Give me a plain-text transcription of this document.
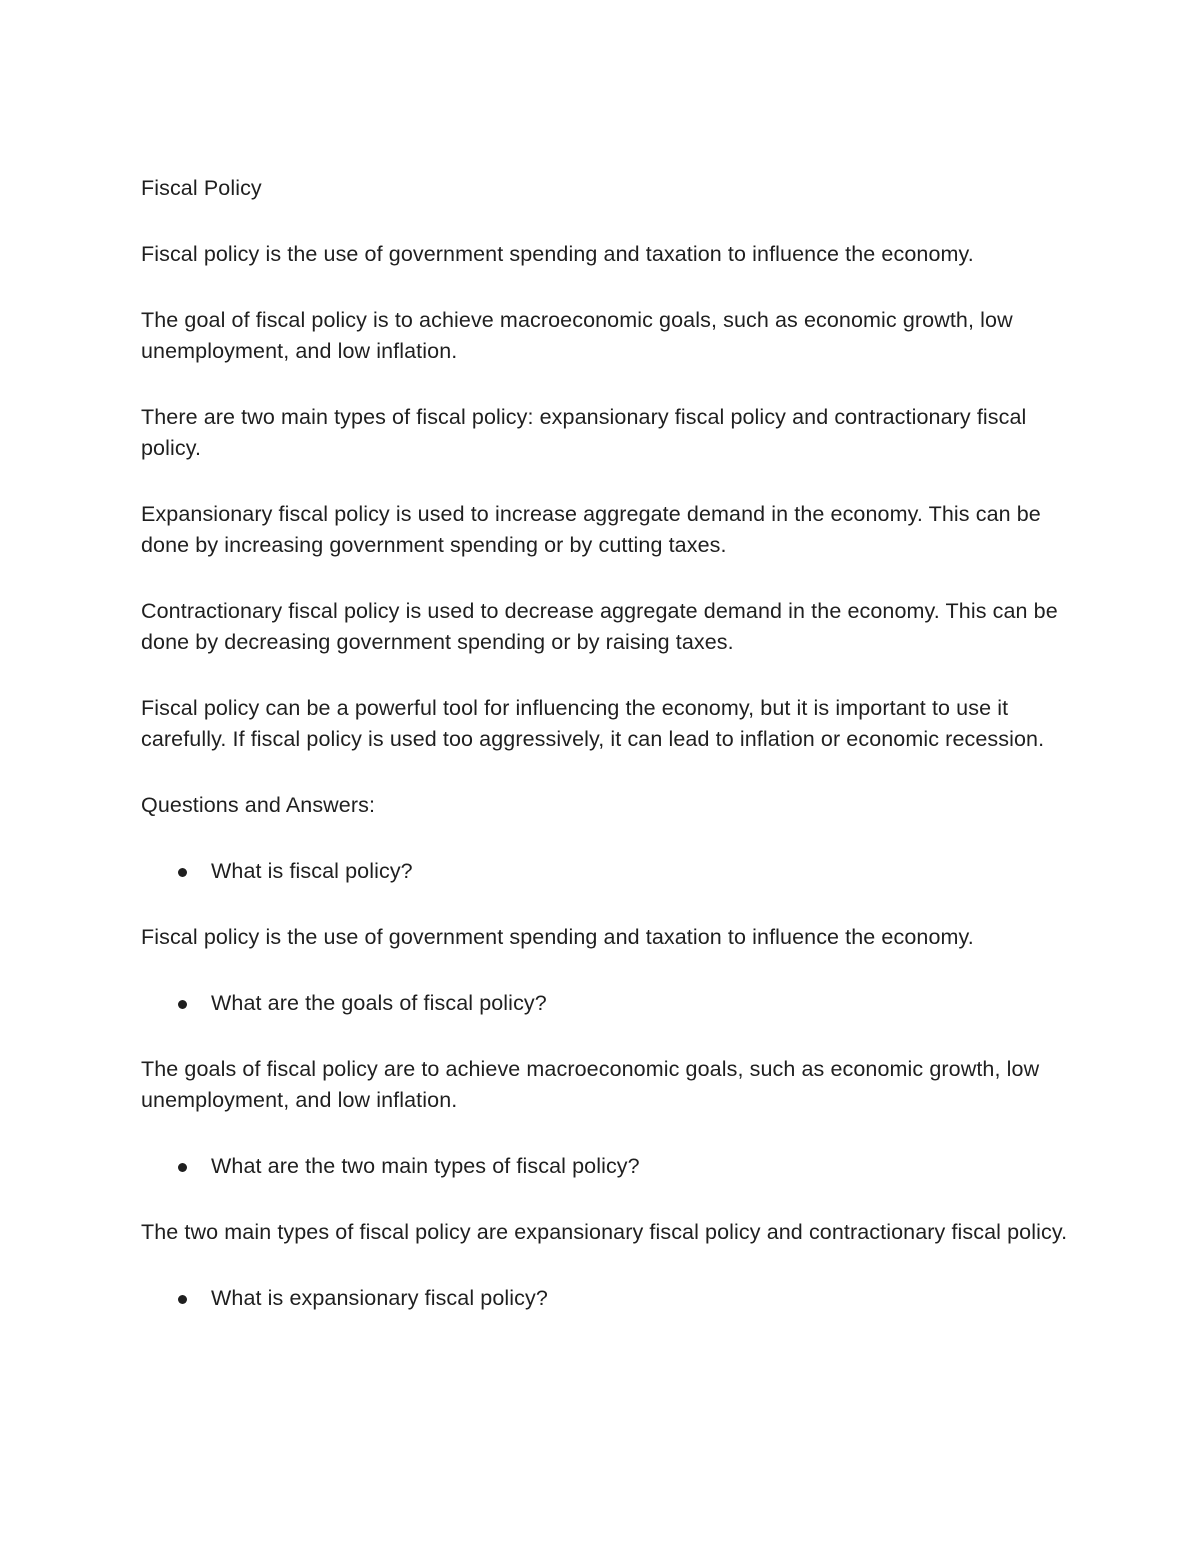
Fiscal Policy

Fiscal policy is the use of government spending and taxation to influence the economy.

The goal of fiscal policy is to achieve macroeconomic goals, such as economic growth, low unemployment, and low inflation.

There are two main types of fiscal policy: expansionary fiscal policy and contractionary fiscal policy.

Expansionary fiscal policy is used to increase aggregate demand in the economy. This can be done by increasing government spending or by cutting taxes.

Contractionary fiscal policy is used to decrease aggregate demand in the economy. This can be done by decreasing government spending or by raising taxes.

Fiscal policy can be a powerful tool for influencing the economy, but it is important to use it carefully. If fiscal policy is used too aggressively, it can lead to inflation or economic recession.

Questions and Answers:

What is fiscal policy?

Fiscal policy is the use of government spending and taxation to influence the economy.

What are the goals of fiscal policy?

The goals of fiscal policy are to achieve macroeconomic goals, such as economic growth, low unemployment, and low inflation.

What are the two main types of fiscal policy?

The two main types of fiscal policy are expansionary fiscal policy and contractionary fiscal policy.

What is expansionary fiscal policy?
